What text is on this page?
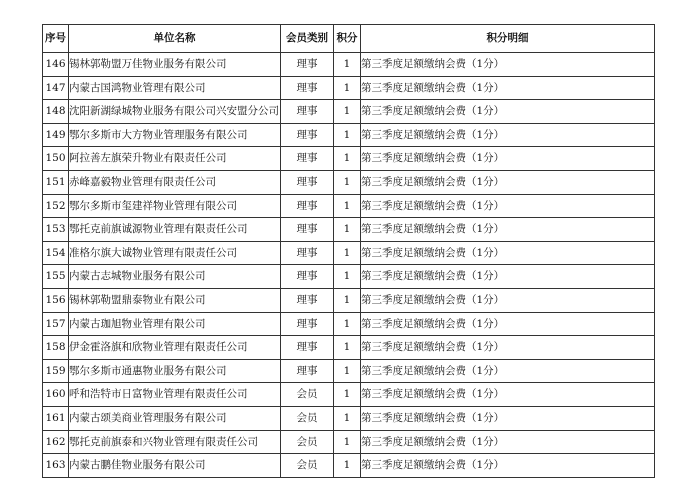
序号	单位名称	会员类别	积分	积分明细
146	锡林郭勒盟万佳物业服务有限公司	理事	1	第三季度足额缴纳会费（1分）
147	内蒙古国鸿物业管理有限公司	理事	1	第三季度足额缴纳会费（1分）
148	沈阳新湖绿城物业服务有限公司兴安盟分公司	理事	1	第三季度足额缴纳会费（1分）
149	鄂尔多斯市大方物业管理服务有限公司	理事	1	第三季度足额缴纳会费（1分）
150	阿拉善左旗荣升物业有限责任公司	理事	1	第三季度足额缴纳会费（1分）
151	赤峰嘉毅物业管理有限责任公司	理事	1	第三季度足额缴纳会费（1分）
152	鄂尔多斯市玺建祥物业管理有限公司	理事	1	第三季度足额缴纳会费（1分）
153	鄂托克前旗诚源物业管理有限责任公司	理事	1	第三季度足额缴纳会费（1分）
154	准格尔旗大诚物业管理有限责任公司	理事	1	第三季度足额缴纳会费（1分）
155	内蒙古志城物业服务有限公司	理事	1	第三季度足额缴纳会费（1分）
156	锡林郭勒盟鼎泰物业有限公司	理事	1	第三季度足额缴纳会费（1分）
157	内蒙古珈旭物业管理有限公司	理事	1	第三季度足额缴纳会费（1分）
158	伊金霍洛旗和欣物业管理有限责任公司	理事	1	第三季度足额缴纳会费（1分）
159	鄂尔多斯市通惠物业服务有限公司	理事	1	第三季度足额缴纳会费（1分）
160	呼和浩特市日富物业管理有限责任公司	会员	1	第三季度足额缴纳会费（1分）
161	内蒙古颂美商业管理服务有限公司	会员	1	第三季度足额缴纳会费（1分）
162	鄂托克前旗泰和兴物业管理有限责任公司	会员	1	第三季度足额缴纳会费（1分）
163	内蒙古鹏佳物业服务有限公司	会员	1	第三季度足额缴纳会费（1分）
